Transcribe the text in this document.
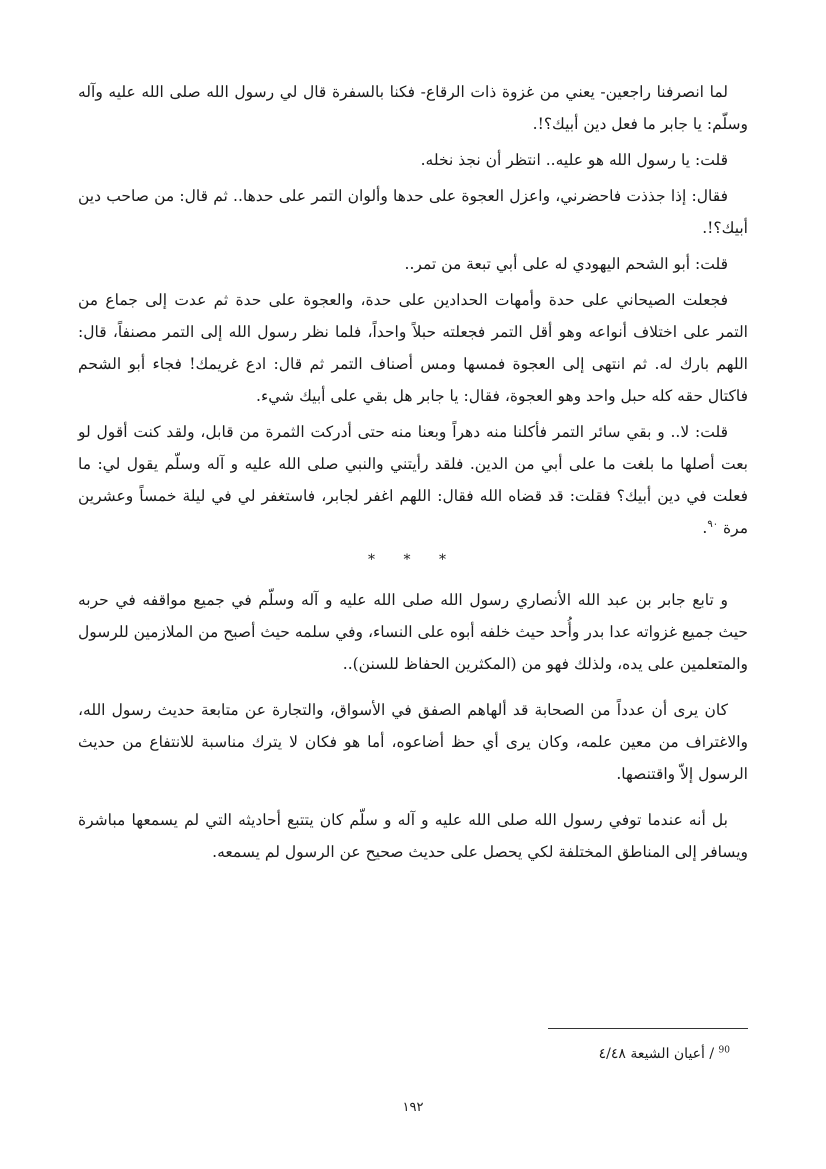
لما انصرفنا راجعين- يعني من غزوة ذات الرقاع- فكنا بالسفرة قال لي رسول الله صلى الله عليه وآله وسلّم: يا جابر ما فعل دين أبيك؟!.

قلت: يا رسول الله هو عليه.. انتظر أن نجذ نخله.

فقال: إذا جذذت فاحضرني، واعزل العجوة على حدها وألوان التمر على حدها.. ثم قال: من صاحب دين أبيك؟!.

قلت: أبو الشحم اليهودي له على أبي تبعة من تمر..

فجعلت الصيحاني على حدة وأمهات الحدادين على حدة، والعجوة على حدة ثم عدت إلى جماع من التمر على اختلاف أنواعه وهو أقل التمر فجعلته حبلاً واحداً، فلما نظر رسول الله إلى التمر مصنفاً، قال: اللهم بارك له. ثم انتهى إلى العجوة فمسها ومس أصناف التمر ثم قال: ادع غريمك! فجاء أبو الشحم فاكتال حقه كله حبل واحد وهو العجوة، فقال: يا جابر هل بقي على أبيك شيء.

قلت: لا.. و بقي سائر التمر فأكلنا منه دهراً وبعنا منه حتى أدركت الثمرة من قابل، ولقد كنت أقول لو بعت أصلها ما بلغت ما على أبي من الدين. فلقد رأيتني والنبي صلى الله عليه و آله وسلّم يقول لي: ما فعلت في دين أبيك؟ فقلت: قد قضاه الله فقال: اللهم اغفر لجابر، فاستغفر لي في ليلة خمساً وعشرين مرة $^{٩٠}$.

* * *

و تابع جابر بن عبد الله الأنصاري رسول الله صلى الله عليه و آله وسلّم في جميع مواقفه في حربه حيث جميع غزواته عدا بدر وأُحد حيث خلفه أبوه على النساء، وفي سلمه حيث أصبح من الملازمين للرسول والمتعلمين على يده، ولذلك فهو من (المكثرين الحفاظ للسنن)..

كان يرى أن عدداً من الصحابة قد ألهاهم الصفق في الأسواق، والتجارة عن متابعة حديث رسول الله، والاغتراف من معين علمه، وكان يرى أي حظ أضاعوه، أما هو فكان لا يترك مناسبة للانتفاع من حديث الرسول إلاّ واقتنصها.

بل أنه عندما توفي رسول الله صلى الله عليه و آله و سلّم كان يتتبع أحاديثه التي لم يسمعها مباشرة ويسافر إلى المناطق المختلفة لكي يحصل على حديث صحيح عن الرسول لم يسمعه.

$^{90}$ / أعيان الشيعة ٤/٤٨
١٩٢
